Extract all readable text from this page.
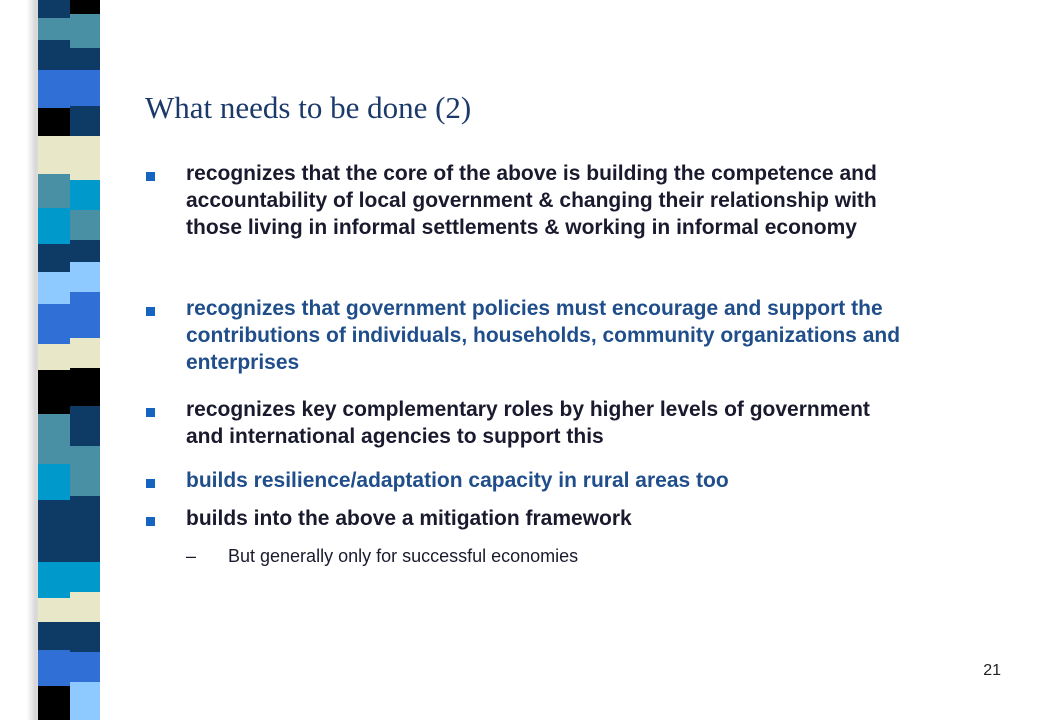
What needs to be done (2)
recognizes that the core of the above is building the competence and accountability of local government & changing their relationship with those living in informal settlements & working in informal economy
recognizes that government policies must encourage and support the contributions of individuals, households, community organizations and enterprises
recognizes key complementary roles by higher levels of government and international agencies to support this
builds resilience/adaptation capacity in rural areas too
builds into the above a mitigation framework
– But generally only for successful economies
21
